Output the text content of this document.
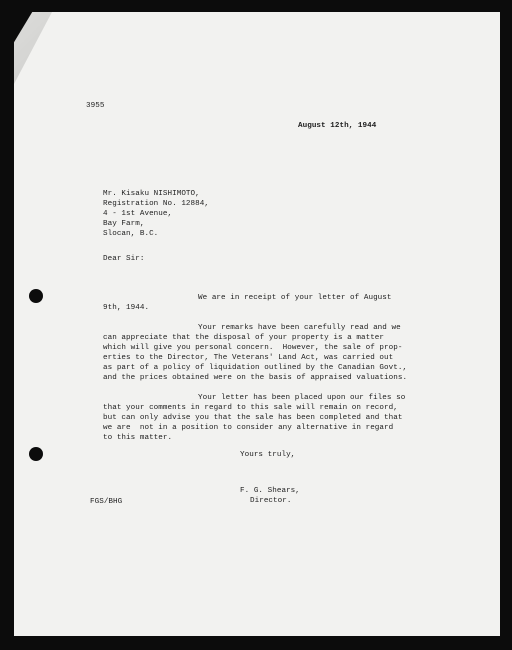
3955
August 12th, 1944
Mr. Kisaku NISHIMOTO,
Registration No. 12884,
4 - 1st Avenue,
Bay Farm,
Slocan, B.C.
Dear Sir:
We are in receipt of your letter of August
9th, 1944.
Your remarks have been carefully read and we
can appreciate that the disposal of your property is a matter
which will give you personal concern.  However, the sale of prop-
erties to the Director, The Veterans' Land Act, was carried out
as part of a policy of liquidation outlined by the Canadian Govt.,
and the prices obtained were on the basis of appraised valuations.
Your letter has been placed upon our files so
that your comments in regard to this sale will remain on record,
but can only advise you that the sale has been completed and that
we are  not in a position to consider any alternative in regard
to this matter.
Yours truly,
F. G. Shears,
Director.
FGS/BHG
